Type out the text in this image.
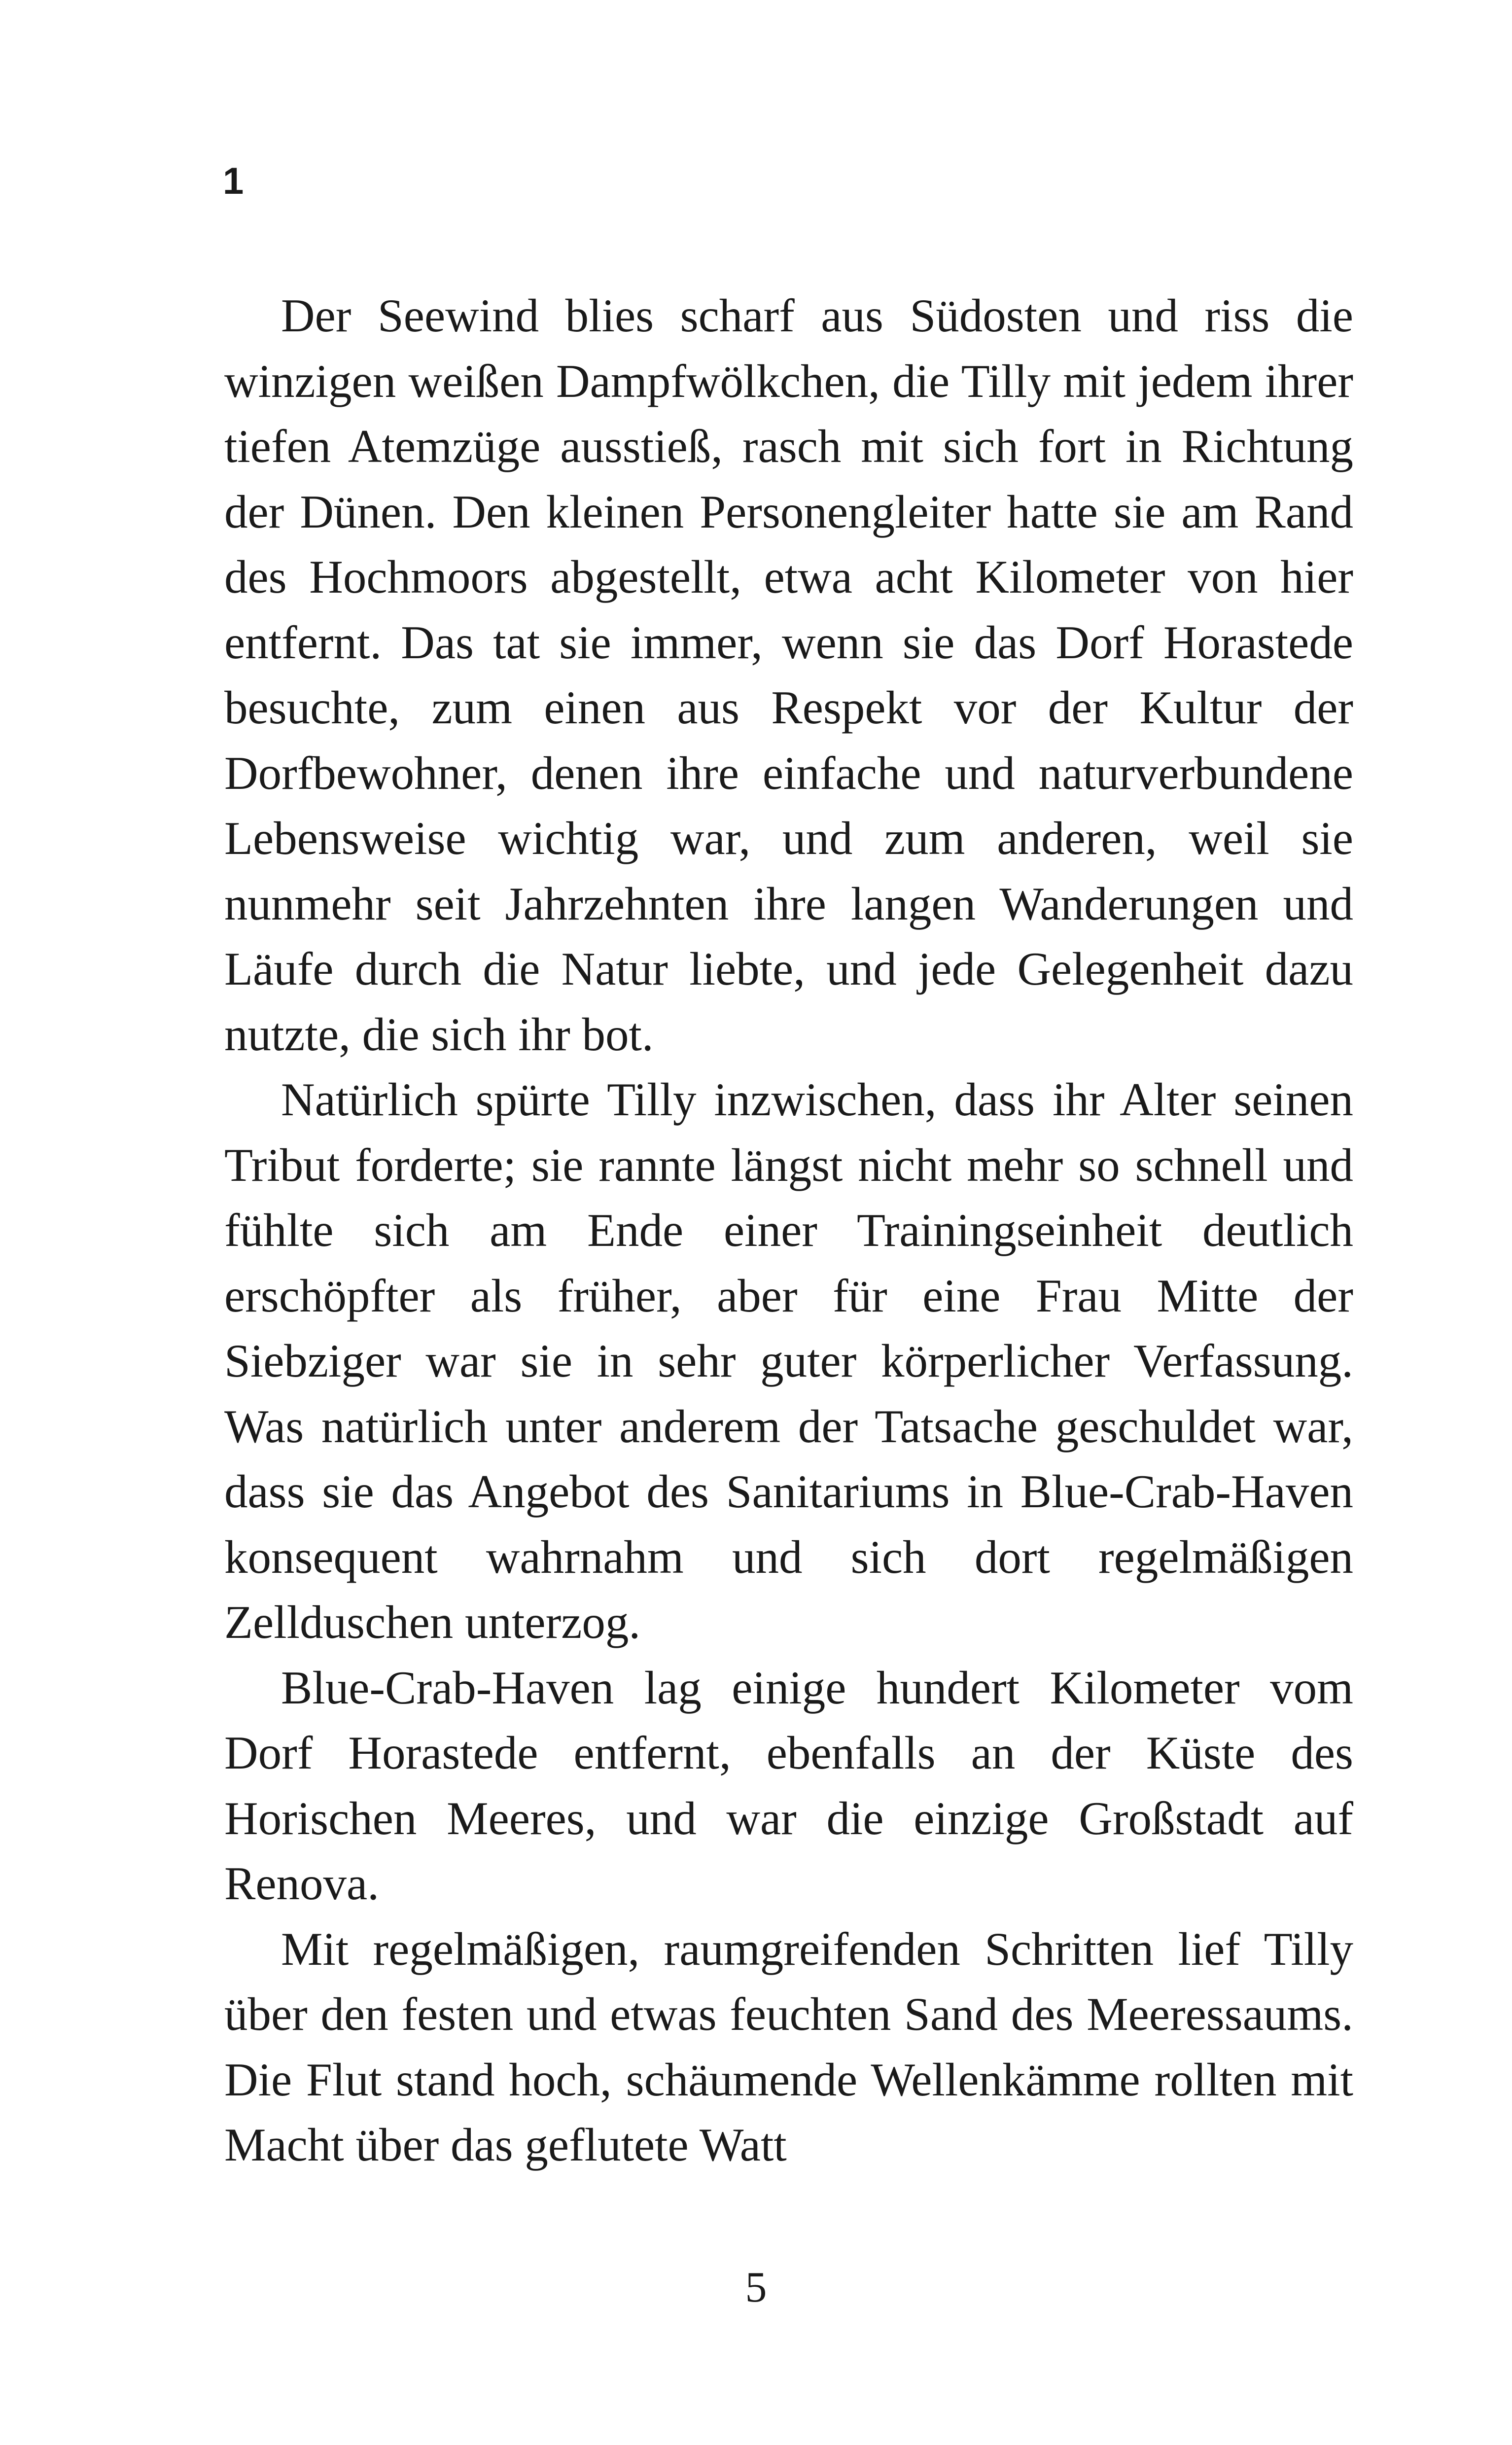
1

Der Seewind blies scharf aus Südosten und riss die winzigen weißen Dampfwölkchen, die Tilly mit jedem ihrer tiefen Atemzüge ausstieß, rasch mit sich fort in Richtung der Dünen. Den kleinen Personengleiter hatte sie am Rand des Hochmoors abgestellt, etwa acht Kilometer von hier entfernt. Das tat sie immer, wenn sie das Dorf Horastede besuchte, zum einen aus Respekt vor der Kultur der Dorfbewohner, denen ihre einfache und naturverbundene Lebensweise wichtig war, und zum anderen, weil sie nunmehr seit Jahrzehnten ihre langen Wanderungen und Läufe durch die Natur liebte, und jede Gelegenheit dazu nutzte, die sich ihr bot.

Natürlich spürte Tilly inzwischen, dass ihr Alter seinen Tribut forderte; sie rannte längst nicht mehr so schnell und fühlte sich am Ende einer Trainingseinheit deutlich erschöpfter als früher, aber für eine Frau Mitte der Siebziger war sie in sehr guter körperlicher Verfassung. Was natürlich unter anderem der Tatsache geschuldet war, dass sie das Angebot des Sanitariums in Blue-Crab-Haven konsequent wahrnahm und sich dort regelmäßigen Zellduschen unterzog.

Blue-Crab-Haven lag einige hundert Kilometer vom Dorf Horastede entfernt, ebenfalls an der Küste des Horischen Meeres, und war die einzige Großstadt auf Renova.

Mit regelmäßigen, raumgreifenden Schritten lief Tilly über den festen und etwas feuchten Sand des Meeressaums. Die Flut stand hoch, schäumende Wellenkämme rollten mit Macht über das geflutete Watt

5
